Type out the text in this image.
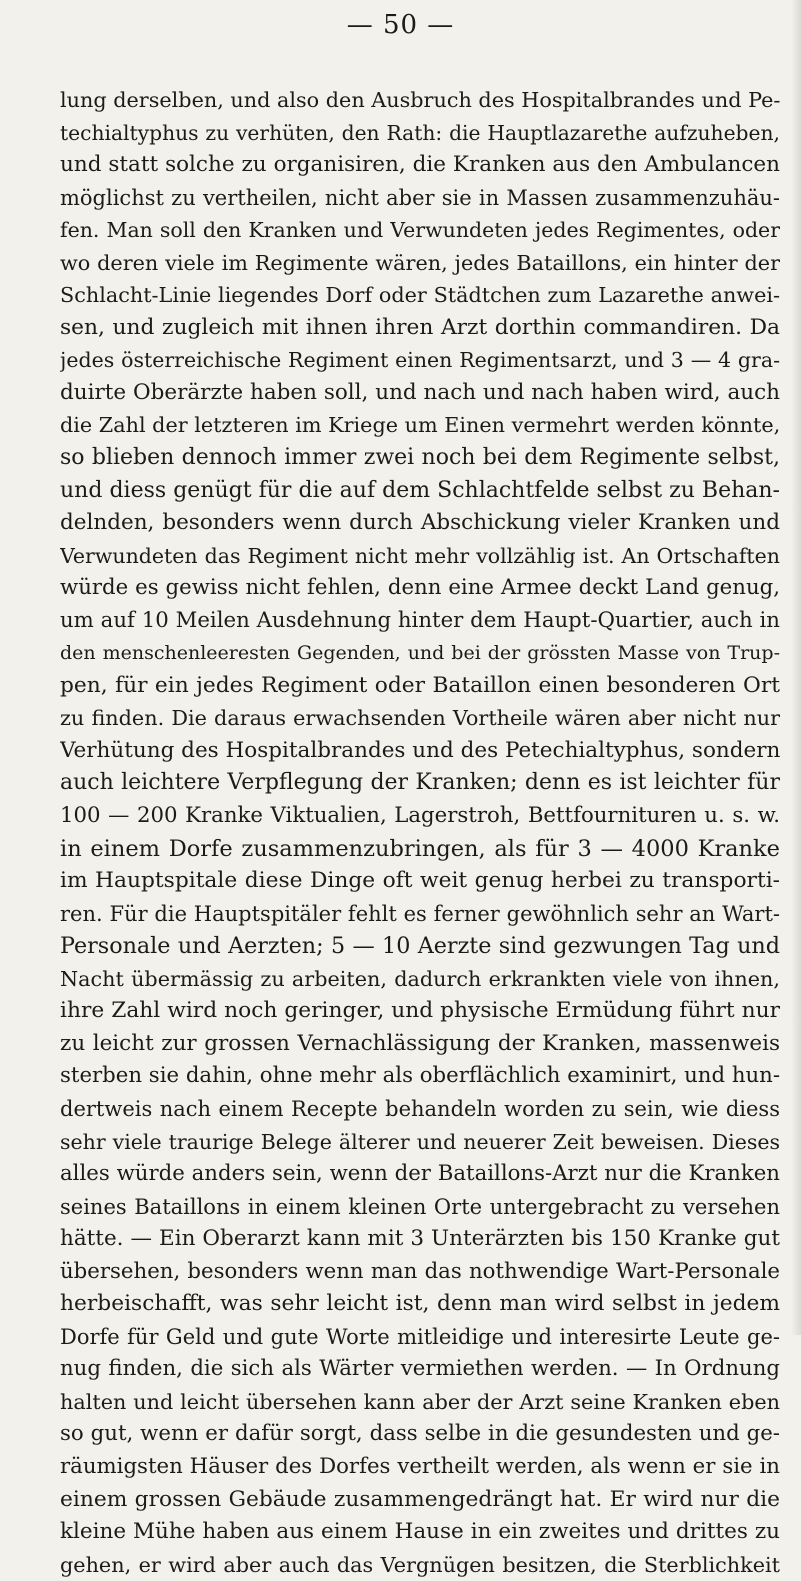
— 50 —
lung derselben, und also den Ausbruch des Hospitalbrandes und Pe-
techialtyphus zu verhüten, den Rath: die Hauptlazarethe aufzuheben,
und statt solche zu organisiren, die Kranken aus den Ambulancen
möglichst zu vertheilen, nicht aber sie in Massen zusammenzuhäu-
fen. Man soll den Kranken und Verwundeten jedes Regimentes, oder
wo deren viele im Regimente wären, jedes Bataillons, ein hinter der
Schlacht-Linie liegendes Dorf oder Städtchen zum Lazarethe anwei-
sen, und zugleich mit ihnen ihren Arzt dorthin commandiren. Da
jedes österreichische Regiment einen Regimentsarzt, und 3 — 4 gra-
duirte Oberärzte haben soll, und nach und nach haben wird, auch
die Zahl der letzteren im Kriege um Einen vermehrt werden könnte,
so blieben dennoch immer zwei noch bei dem Regimente selbst,
und diess genügt für die auf dem Schlachtfelde selbst zu Behan-
delnden, besonders wenn durch Abschickung vieler Kranken und
Verwundeten das Regiment nicht mehr vollzählig ist. An Ortschaften
würde es gewiss nicht fehlen, denn eine Armee deckt Land genug,
um auf 10 Meilen Ausdehnung hinter dem Haupt-Quartier, auch in
den menschenleeresten Gegenden, und bei der grössten Masse von Trup-
pen, für ein jedes Regiment oder Bataillon einen besonderen Ort
zu finden. Die daraus erwachsenden Vortheile wären aber nicht nur
Verhütung des Hospitalbrandes und des Petechialtyphus, sondern
auch leichtere Verpflegung der Kranken; denn es ist leichter für
100 — 200 Kranke Viktualien, Lagerstroh, Bettfournituren u. s. w.
in einem Dorfe zusammenzubringen, als für 3 — 4000 Kranke
im Hauptspitale diese Dinge oft weit genug herbei zu transporti-
ren. Für die Hauptspitäler fehlt es ferner gewöhnlich sehr an Wart-
Personale und Aerzten; 5 — 10 Aerzte sind gezwungen Tag und
Nacht übermässig zu arbeiten, dadurch erkrankten viele von ihnen,
ihre Zahl wird noch geringer, und physische Ermüdung führt nur
zu leicht zur grossen Vernachlässigung der Kranken, massenweis
sterben sie dahin, ohne mehr als oberflächlich examinirt, und hun-
dertweis nach einem Recepte behandeln worden zu sein, wie diess
sehr viele traurige Belege älterer und neuerer Zeit beweisen. Dieses
alles würde anders sein, wenn der Bataillons-Arzt nur die Kranken
seines Bataillons in einem kleinen Orte untergebracht zu versehen
hätte. — Ein Oberarzt kann mit 3 Unterärzten bis 150 Kranke gut
übersehen, besonders wenn man das nothwendige Wart-Personale
herbeischafft, was sehr leicht ist, denn man wird selbst in jedem
Dorfe für Geld und gute Worte mitleidige und interesirte Leute ge-
nug finden, die sich als Wärter vermiethen werden. — In Ordnung
halten und leicht übersehen kann aber der Arzt seine Kranken eben
so gut, wenn er dafür sorgt, dass selbe in die gesundesten und ge-
räumigsten Häuser des Dorfes vertheilt werden, als wenn er sie in
einem grossen Gebäude zusammengedrängt hat. Er wird nur die
kleine Mühe haben aus einem Hause in ein zweites und drittes zu
gehen, er wird aber auch das Vergnügen besitzen, die Sterblichkeit
